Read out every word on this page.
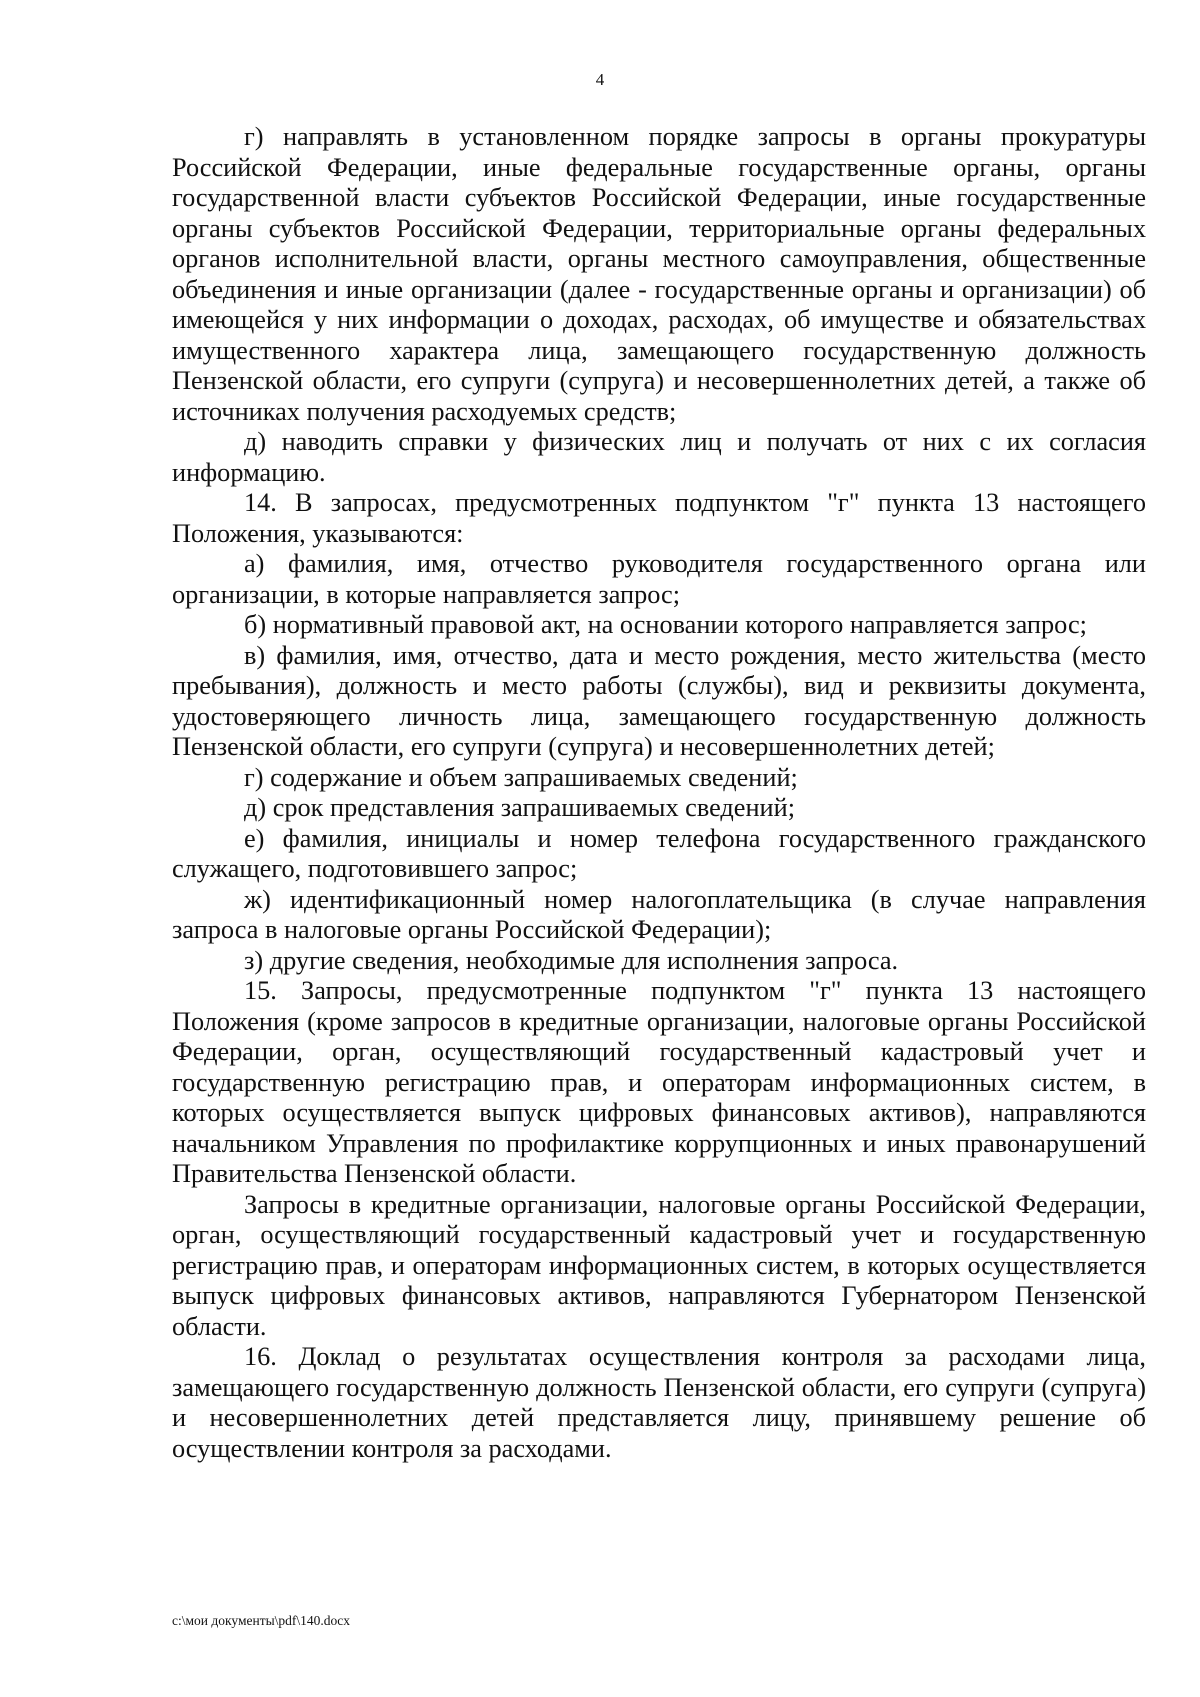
4

г) направлять в установленном порядке запросы в органы прокуратуры Российской Федерации, иные федеральные государственные органы, органы государственной власти субъектов Российской Федерации, иные государственные органы субъектов Российской Федерации, территориальные органы федеральных органов исполнительной власти, органы местного самоуправления, общественные объединения и иные организации (далее - государственные органы и организации) об имеющейся у них информации о доходах, расходах, об имуществе и обязательствах имущественного характера лица, замещающего государственную должность Пензенской области, его супруги (супруга) и несовершеннолетних детей, а также об источниках получения расходуемых средств;

д) наводить справки у физических лиц и получать от них с их согласия информацию.

14. В запросах, предусмотренных подпунктом "г" пункта 13 настоящего Положения, указываются:

а) фамилия, имя, отчество руководителя государственного органа или организации, в которые направляется запрос;

б) нормативный правовой акт, на основании которого направляется запрос;

в) фамилия, имя, отчество, дата и место рождения, место жительства (место пребывания), должность и место работы (службы), вид и реквизиты документа, удостоверяющего личность лица, замещающего государственную должность Пензенской области, его супруги (супруга) и несовершеннолетних детей;

г) содержание и объем запрашиваемых сведений;

д) срок представления запрашиваемых сведений;

е) фамилия, инициалы и номер телефона государственного гражданского служащего, подготовившего запрос;

ж) идентификационный номер налогоплательщика (в случае направления запроса в налоговые органы Российской Федерации);

з) другие сведения, необходимые для исполнения запроса.

15. Запросы, предусмотренные подпунктом "г" пункта 13 настоящего Положения (кроме запросов в кредитные организации, налоговые органы Российской Федерации, орган, осуществляющий государственный кадастровый учет и государственную регистрацию прав, и операторам информационных систем, в которых осуществляется выпуск цифровых финансовых активов), направляются начальником Управления по профилактике коррупционных и иных правонарушений Правительства Пензенской области.

Запросы в кредитные организации, налоговые органы Российской Федерации, орган, осуществляющий государственный кадастровый учет и государственную регистрацию прав, и операторам информационных систем, в которых осуществляется выпуск цифровых финансовых активов, направляются Губернатором Пензенской области.

16. Доклад о результатах осуществления контроля за расходами лица, замещающего государственную должность Пензенской области, его супруги (супруга) и несовершеннолетних детей представляется лицу, принявшему решение об осуществлении контроля за расходами.

c:\мои документы\pdf\140.docx
